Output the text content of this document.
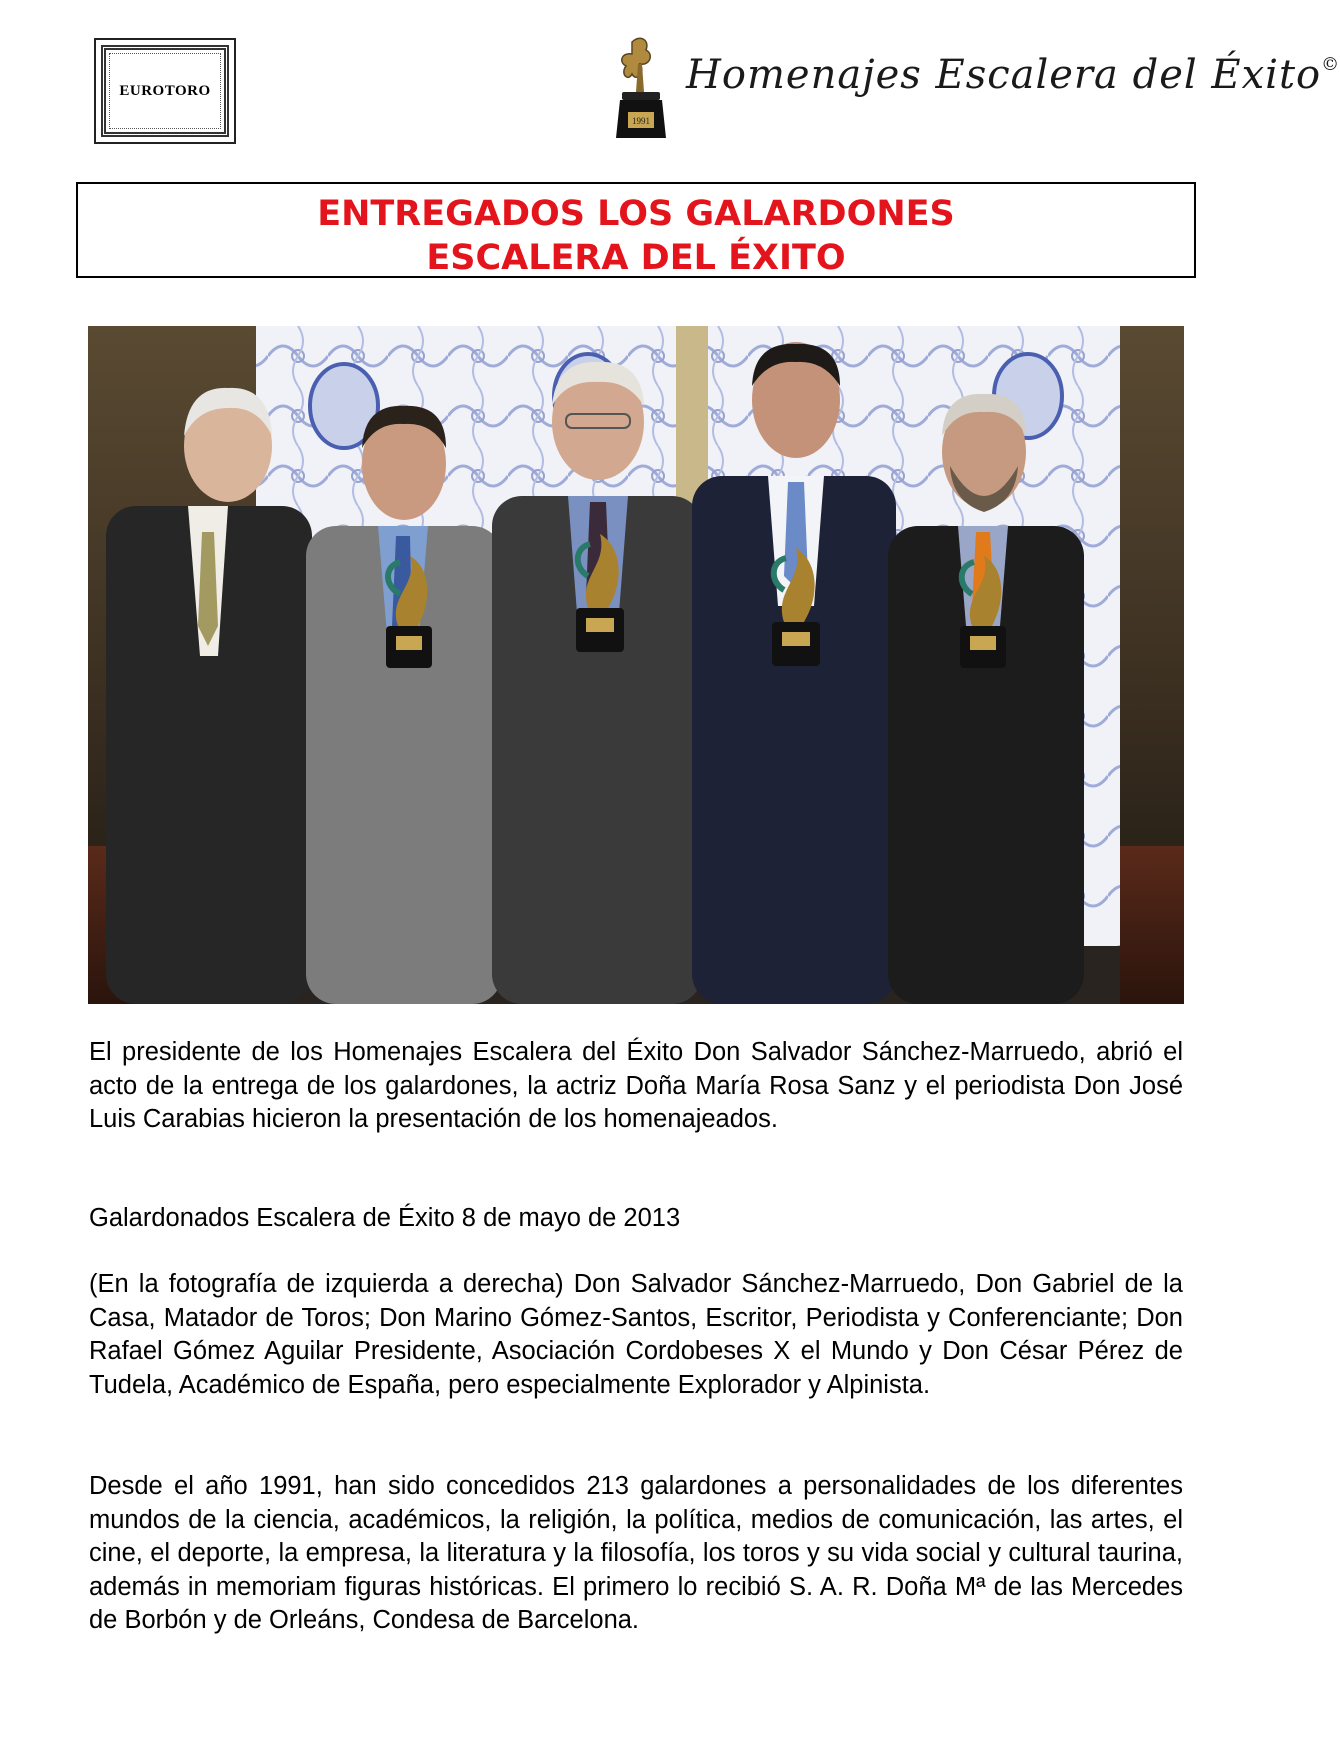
EUROTORO
1991
Homenajes Escalera del Éxito©
ENTREGADOS LOS GALARDONES
ESCALERA DEL ÉXITO
El presidente de los Homenajes Escalera del Éxito Don Salvador Sánchez-Marruedo, abrió el acto de la entrega de los galardones, la actriz Doña María Rosa Sanz y el periodista Don José Luis Carabias hicieron la presentación de los homenajeados.
Galardonados Escalera de Éxito 8 de mayo de 2013
(En la fotografía de izquierda a derecha) Don Salvador Sánchez-Marruedo, Don Gabriel de la Casa, Matador de Toros; Don Marino Gómez-Santos, Escritor, Periodista y Conferenciante; Don Rafael Gómez Aguilar Presidente, Asociación Cordobeses X el Mundo y Don César Pérez de Tudela, Académico de España, pero especialmente Explorador y Alpinista.
Desde el año 1991, han sido concedidos 213 galardones a personalidades de los diferentes mundos de la ciencia, académicos, la religión, la política, medios de comunicación, las artes, el cine, el deporte, la empresa, la literatura y la filosofía, los toros y su vida social y cultural taurina, además in memoriam figuras históricas. El primero lo recibió S. A. R. Doña Mª de las Mercedes de Borbón y de Orleáns, Condesa de Barcelona.
